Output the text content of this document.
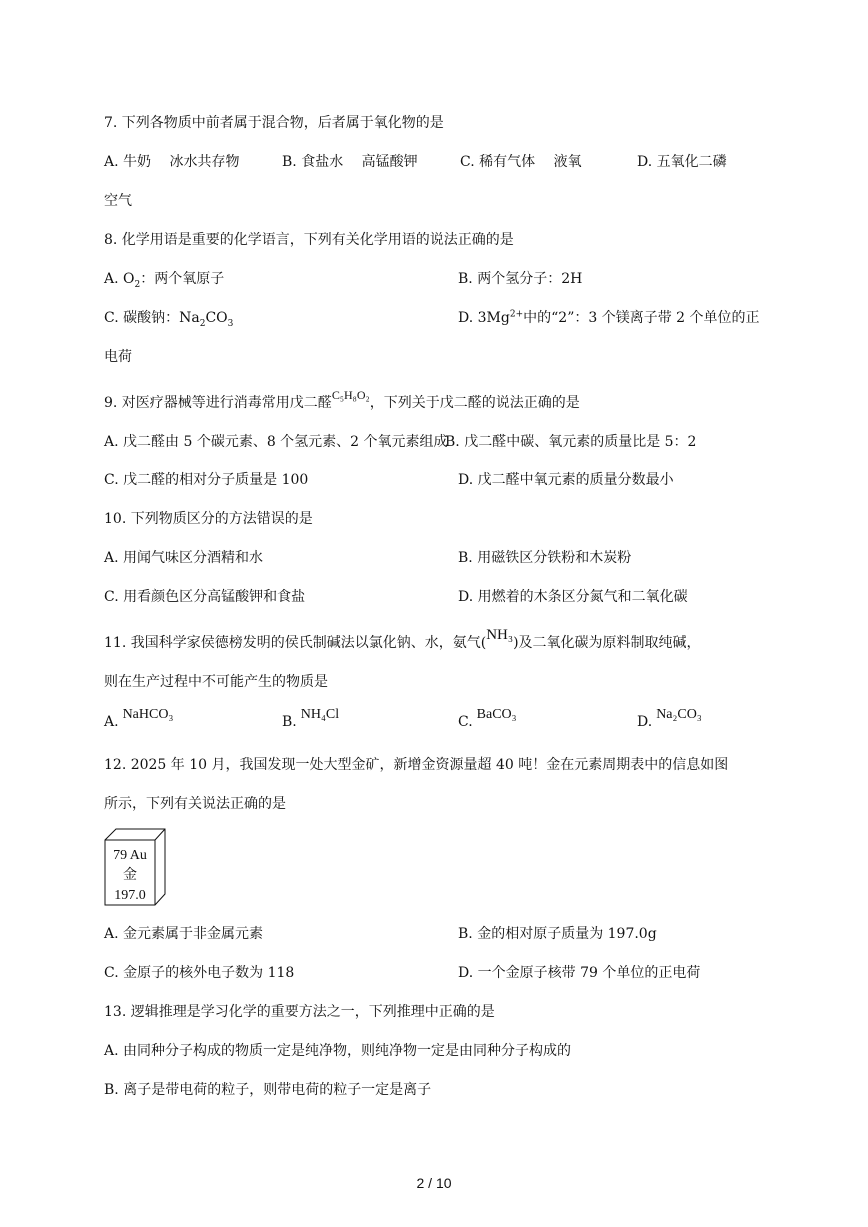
7. 下列各物质中前者属于混合物，后者属于氧化物的是
A. 牛奶　 冰水共存物	B. 食盐水　 高锰酸钾	C. 稀有气体　 液氧	D. 五氧化二磷
空气
8. 化学用语是重要的化学语言，下列有关化学用语的说法正确的是
A. $O_2$：两个氧原子	B. 两个氢分子：2H
C. 碳酸钠：$Na_2CO_3$	D. $3Mg^{2+}$中的“2”：3 个镁离子带 2 个单位的正
电荷
9. 对医疗器械等进行消毒常用戊二醛C₅H₈O₂，下列关于戊二醛的说法正确的是
A. 戊二醛由 5 个碳元素、8 个氢元素、2 个氧元素组成
B. 戊二醛中碳、氧元素的质量比是 5：2
C. 戊二醛的相对分子质量是 100	D. 戊二醛中氧元素的质量分数最小
10. 下列物质区分的方法错误的是
A. 用闻气味区分酒精和水	B. 用磁铁区分铁粉和木炭粉
C. 用看颜色区分高锰酸钾和食盐	D. 用燃着的木条区分氮气和二氧化碳
11. 我国科学家侯德榜发明的侯氏制碱法以氯化钠、水，氨气(NH₃)及二氧化碳为原料制取纯碱，
则在生产过程中不可能产生的物质是
A. NaHCO₃	B. NH₄Cl	C. BaCO₃	D. Na₂CO₃
12. 2025 年 10 月，我国发现一处大型金矿，新增金资源量超 40 吨！金在元素周期表中的信息如图
所示，下列有关说法正确的是
79 Au
金
197.0
A. 金元素属于非金属元素	B. 金的相对原子质量为 197.0g
C. 金原子的核外电子数为 118	D. 一个金原子核带 79 个单位的正电荷
13. 逻辑推理是学习化学的重要方法之一，下列推理中正确的是
A. 由同种分子构成的物质一定是纯净物，则纯净物一定是由同种分子构成的
B. 离子是带电荷的粒子，则带电荷的粒子一定是离子
2 / 10
